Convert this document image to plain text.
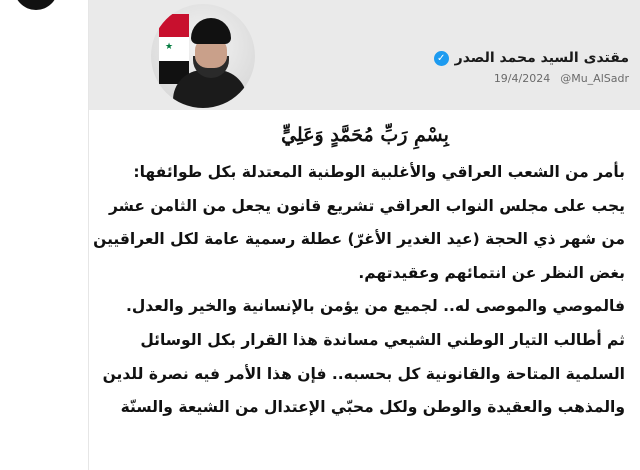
★
مقتدى السيد محمد الصدر
✓
19/4/2024 @Mu_AlSadr
بِسْمِ رَبِّ مُحَمَّدٍ وَعَلِيٍّ
بأمر من الشعب العراقي والأغلبية الوطنية المعتدلة بكل طوائفها:
يجب على مجلس النواب العراقي تشريع قانون يجعل من الثامن عشر
من شهر ذي الحجة (عيد الغدير الأغرّ) عطلة رسمية عامة لكل العراقيين
بغض النظر عن انتمائهم وعقيدتهم.
فالموصي والموصى له.. لجميع من يؤمن بالإنسانية والخير والعدل.
ثم أطالب التيار الوطني الشيعي مساندة هذا القرار بكل الوسائل
السلمية المتاحة والقانونية كل بحسبه.. فإن هذا الأمر فيه نصرة للدين
والمذهب والعقيدة والوطن ولكل محبّي الإعتدال من الشيعة والسنّة
